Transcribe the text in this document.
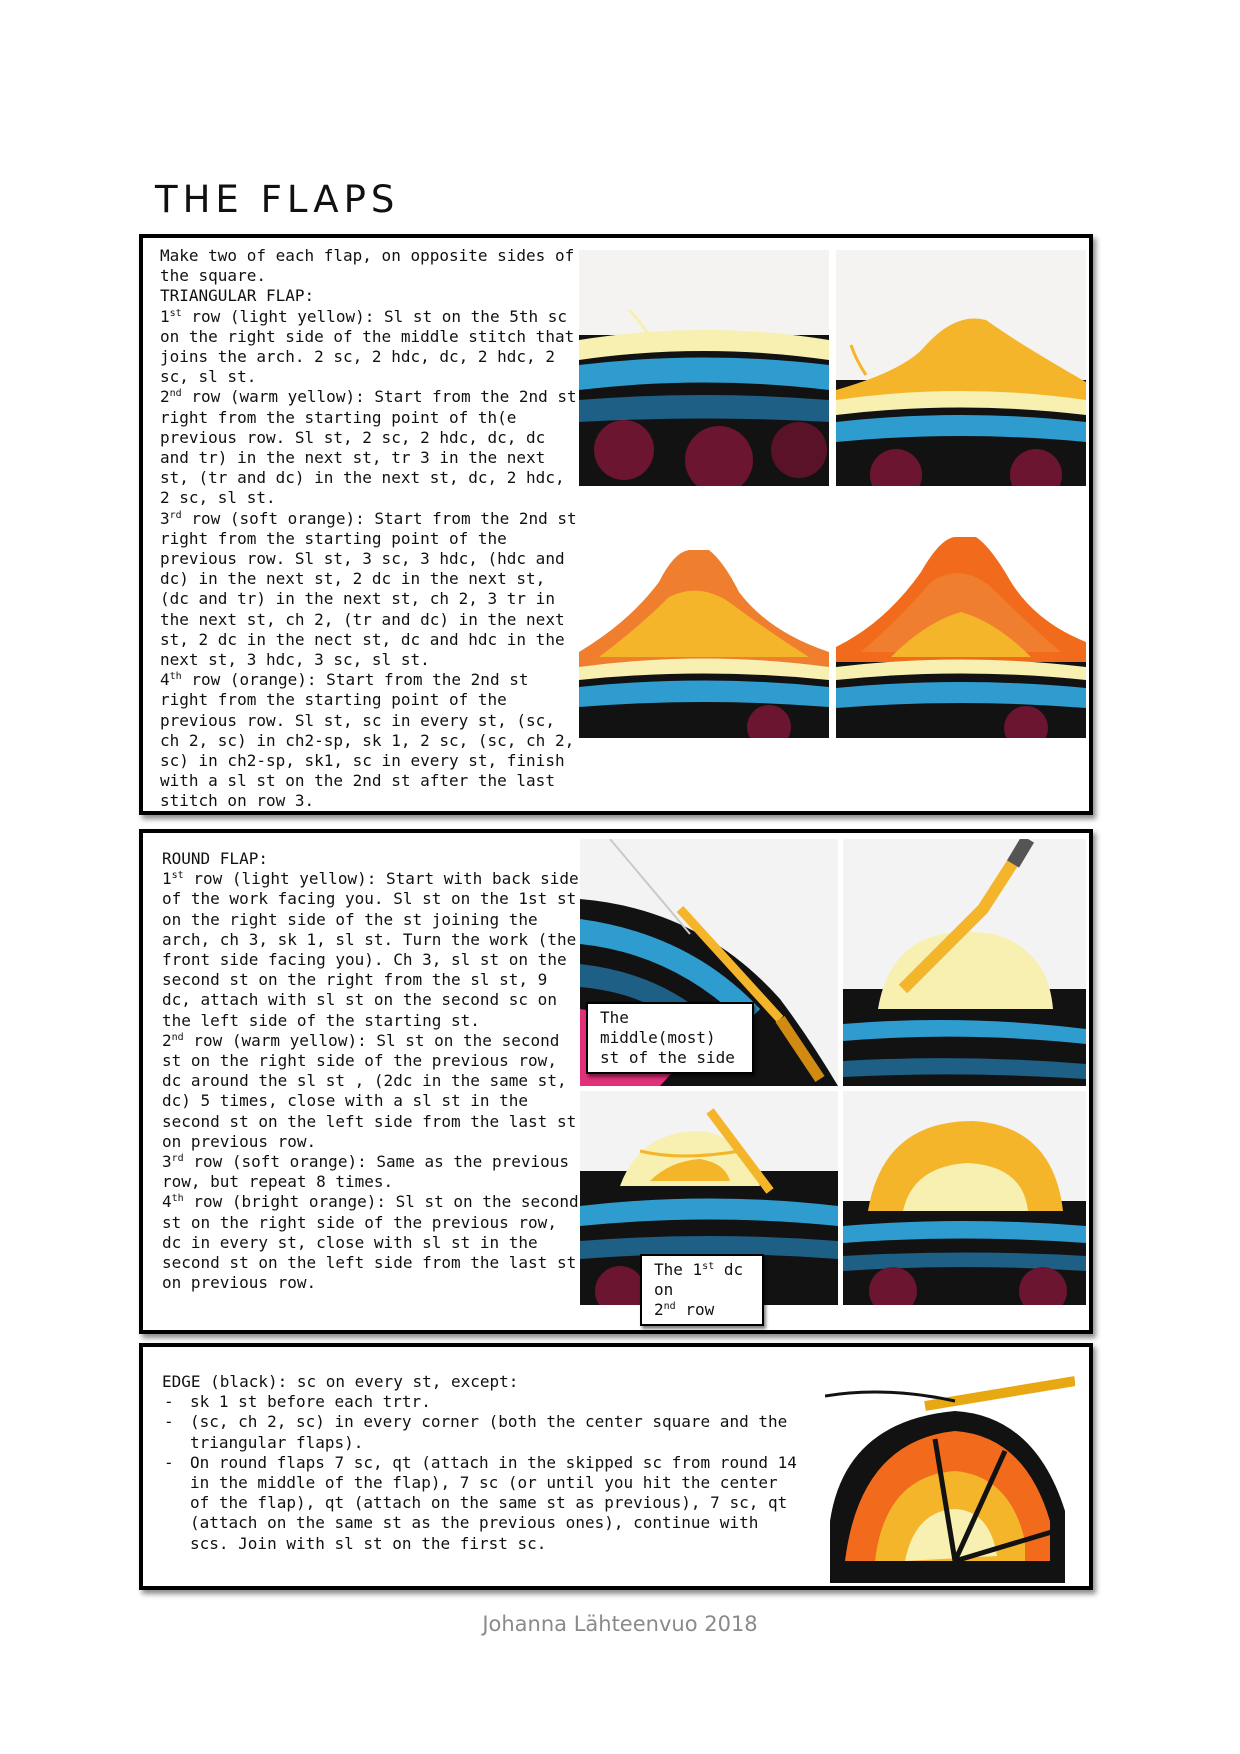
THE FLAPS

Make two of each flap, on opposite sides of the square.

TRIANGULAR FLAP:

1st row (light yellow): Sl st on the 5th sc on the right side of the middle stitch that joins the arch. 2 sc, 2 hdc, dc, 2 hdc, 2 sc, sl st.

2nd row (warm yellow): Start from the 2nd st right from the starting point of th(e previous row. Sl st, 2 sc, 2 hdc, dc, dc and tr) in the next st, tr 3 in the next st, (tr and dc) in the next st, dc, 2 hdc, 2 sc, sl st.

3rd row (soft orange): Start from the 2nd st right from the starting point of the previous row. Sl st, 3 sc, 3 hdc, (hdc and dc) in the next st, 2 dc in the next st, (dc and tr) in the next st, ch 2, 3 tr in the next st, ch 2, (tr and dc) in the next st, 2 dc in the nect st, dc and hdc in the next st, 3 hdc, 3 sc, sl st.

4th row (orange): Start from the 2nd st right from the starting point of the previous row. Sl st, sc in every st, (sc, ch 2, sc) in ch2-sp, sk 1, 2 sc, (sc, ch 2, sc) in ch2-sp, sk1, sc in every st, finish with a sl st on the 2nd st after the last stitch on row 3.

ROUND FLAP:

1st row (light yellow): Start with back side of the work facing you. Sl st on the 1st st on the right side of the st joining the arch, ch 3, sk 1, sl st. Turn the work (the front side facing you). Ch 3, sl st on the second st on the right from the sl st, 9 dc, attach with sl st on the second sc on the left side of the starting st.

2nd row (warm yellow): Sl st on the second st on the right side of the previous row, dc around the sl st , (2dc in the same st, dc) 5 times, close with a sl st in the second st on the left side from the last st on previous row.

3rd row (soft orange): Same as the previous row, but repeat 8 times.

4th row (bright orange): Sl st on the second st on the right side of the previous row, dc in every st, close with sl st in the second st on the left side from the last st on previous row.

The middle(most) st of the side
The 1st dc on
2nd row

EDGE (black): sc on every st, except:

- sk 1 st before each trtr.
- (sc, ch 2, sc) in every corner (both the center square and the triangular flaps).
- On round flaps 7 sc, qt (attach in the skipped sc from round 14 in the middle of the flap), 7 sc (or until you hit the center of the flap), qt (attach on the same st as previous), 7 sc, qt (attach on the same st as the previous ones), continue with scs. Join with sl st on the first sc.
Johanna Lähteenvuo 2018
